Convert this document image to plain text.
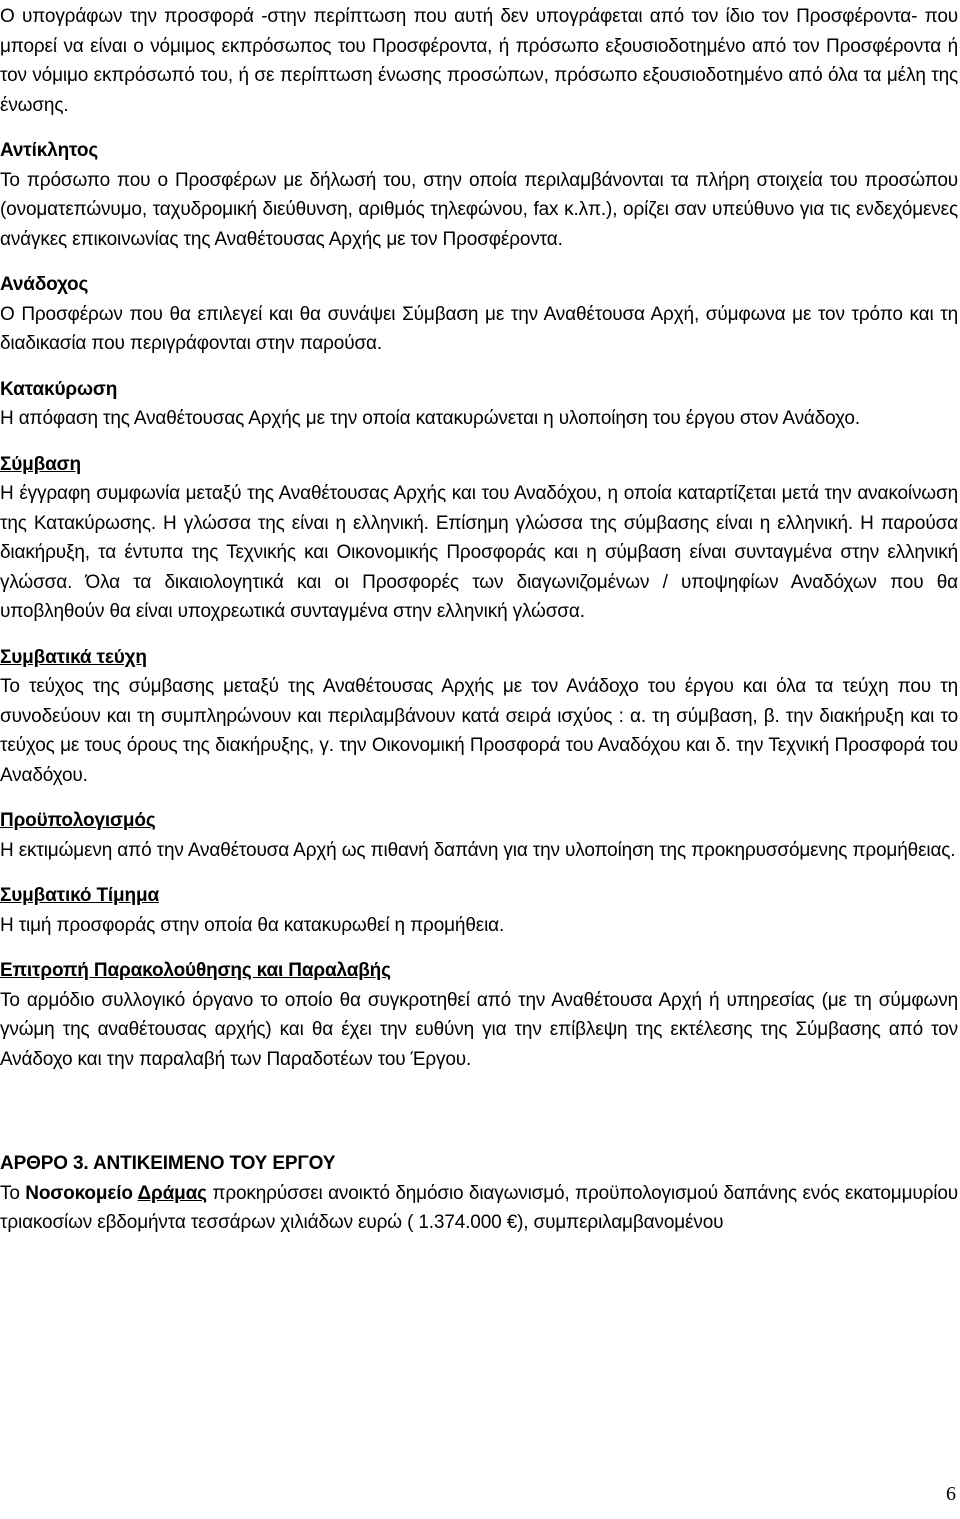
Ο υπογράφων την προσφορά -στην περίπτωση που αυτή δεν υπογράφεται από τον ίδιο τον Προσφέροντα- που μπορεί να είναι ο νόμιμος εκπρόσωπος του Προσφέροντα, ή πρόσωπο εξουσιοδοτημένο από τον Προσφέροντα ή τον νόμιμο εκπρόσωπό του, ή σε περίπτωση ένωσης προσώπων, πρόσωπο εξουσιοδοτημένο από όλα τα μέλη της ένωσης.

Αντίκλητος

Το πρόσωπο που ο Προσφέρων με δήλωσή του, στην οποία περιλαμβάνονται τα πλήρη στοιχεία του προσώπου (ονοματεπώνυμο, ταχυδρομική διεύθυνση, αριθμός τηλεφώνου, fax κ.λπ.), ορίζει σαν υπεύθυνο για τις ενδεχόμενες ανάγκες επικοινωνίας της Αναθέτουσας Αρχής με τον Προσφέροντα.

Ανάδοχος

Ο Προσφέρων που θα επιλεγεί και θα συνάψει Σύμβαση με την Αναθέτουσα Αρχή, σύμφωνα με τον τρόπο και τη διαδικασία που περιγράφονται στην παρούσα.

Κατακύρωση

Η απόφαση της Αναθέτουσας Αρχής με την οποία κατακυρώνεται η υλοποίηση του έργου στον Ανάδοχο.

Σύμβαση

Η έγγραφη συμφωνία μεταξύ της Αναθέτουσας Αρχής και του Αναδόχου, η οποία καταρτίζεται μετά την ανακοίνωση της Κατακύρωσης. Η γλώσσα της είναι η ελληνική. Επίσημη γλώσσα της σύμβασης είναι η ελληνική. Η παρούσα διακήρυξη, τα έντυπα της Τεχνικής και Οικονομικής Προσφοράς και η σύμβαση είναι συνταγμένα στην ελληνική γλώσσα. Όλα τα δικαιολογητικά και οι Προσφορές των διαγωνιζομένων / υποψηφίων Αναδόχων που θα υποβληθούν θα είναι υποχρεωτικά συνταγμένα στην ελληνική γλώσσα.

Συμβατικά τεύχη

Το τεύχος της σύμβασης μεταξύ της Αναθέτουσας Αρχής με τον Ανάδοχο του έργου και όλα τα τεύχη που τη συνοδεύουν και τη συμπληρώνουν και περιλαμβάνουν κατά σειρά ισχύος : α. τη σύμβαση, β. την διακήρυξη και το τεύχος με τους όρους της διακήρυξης, γ. την Οικονομική Προσφορά του Αναδόχου και δ. την Τεχνική Προσφορά του Αναδόχου.

Προϋπολογισμός

Η εκτιμώμενη από την Αναθέτουσα Αρχή ως πιθανή δαπάνη για την υλοποίηση της προκηρυσσόμενης προμήθειας.

Συμβατικό Τίμημα

Η τιμή προσφοράς στην οποία θα κατακυρωθεί η προμήθεια.

Επιτροπή Παρακολούθησης και Παραλαβής

Το αρμόδιο συλλογικό όργανο το οποίο θα συγκροτηθεί από την Αναθέτουσα Αρχή ή υπηρεσίας (με τη σύμφωνη γνώμη της αναθέτουσας αρχής) και θα έχει την ευθύνη για την επίβλεψη της εκτέλεσης της Σύμβασης από τον Ανάδοχο και την παραλαβή των Παραδοτέων του Έργου.

ΑΡΘΡΟ 3. ΑΝΤΙΚΕΙΜΕΝΟ ΤΟΥ ΕΡΓΟΥ

Το Νοσοκομείο Δράμας προκηρύσσει ανοικτό δημόσιο διαγωνισμό, προϋπολογισμού δαπάνης ενός εκατομμυρίου τριακοσίων εβδομήντα τεσσάρων χιλιάδων ευρώ ( 1.374.000 €), συμπεριλαμβανομένου

6
